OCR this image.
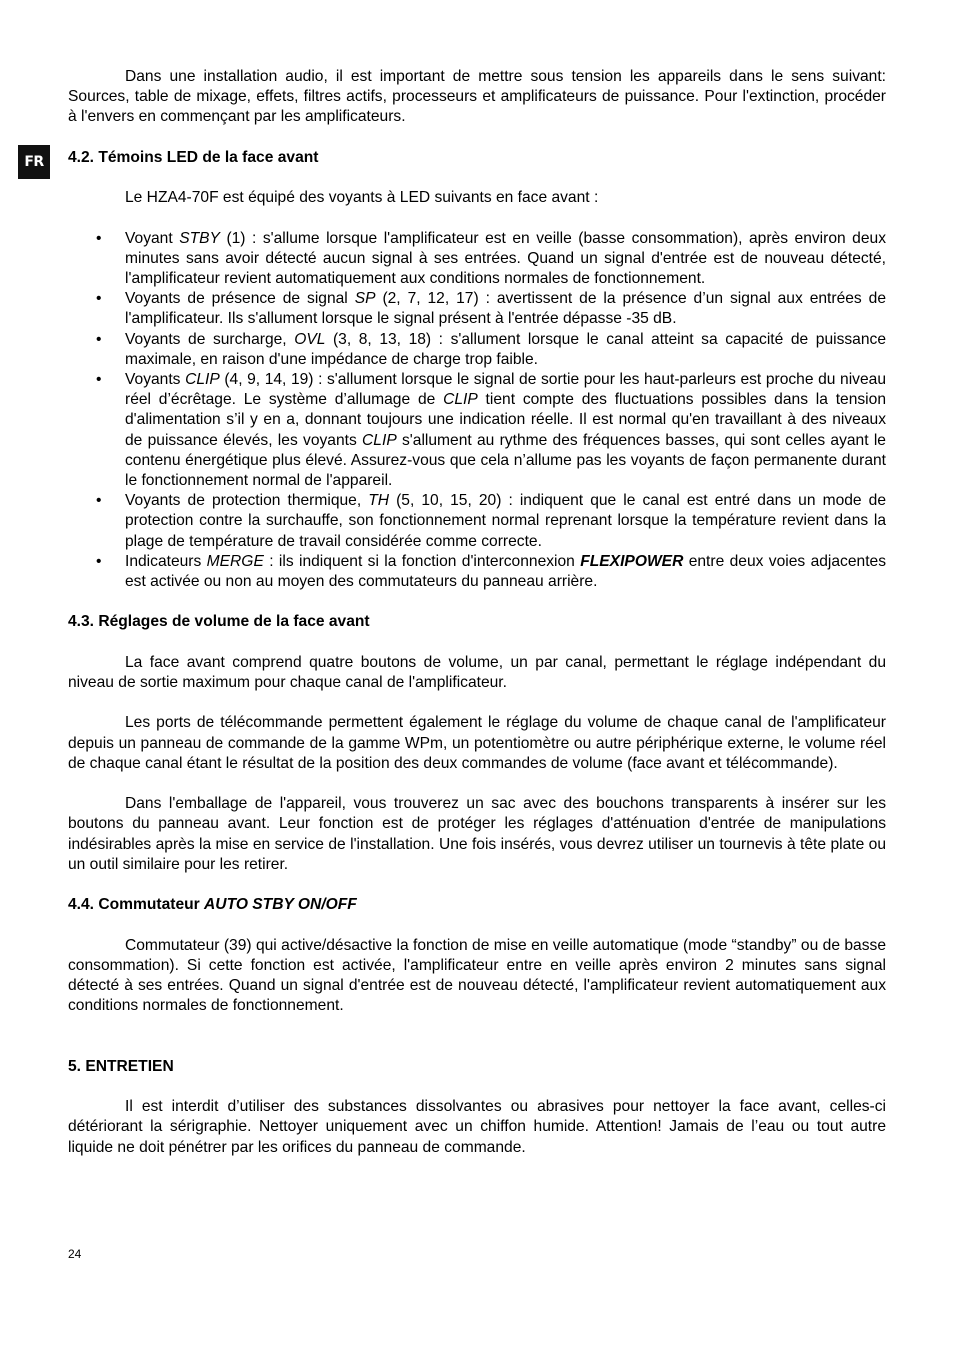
FR

Dans une installation audio, il est important de mettre sous tension les appareils dans le sens suivant: Sources, table de mixage, effets, filtres actifs, processeurs et amplificateurs de puissance. Pour l'extinction, procéder à l'envers en commençant par les amplificateurs.

4.2. Témoins LED de la face avant

Le HZA4-70F est équipé des voyants à LED suivants en face avant :

• Voyant STBY (1) : s'allume lorsque l'amplificateur est en veille (basse consommation), après environ deux minutes sans avoir détecté aucun signal à ses entrées. Quand un signal d'entrée est de nouveau détecté, l'amplificateur revient automatiquement aux conditions normales de fonctionnement.
• Voyants de présence de signal SP (2, 7, 12, 17) : avertissent de la présence d’un signal aux entrées de l'amplificateur. Ils s'allument lorsque le signal présent à l'entrée dépasse -35 dB.
• Voyants de surcharge, OVL (3, 8, 13, 18) : s'allument lorsque le canal atteint sa capacité de puissance maximale, en raison d'une impédance de charge trop faible.
• Voyants CLIP (4, 9, 14, 19) : s'allument lorsque le signal de sortie pour les haut-parleurs est proche du niveau réel d’écrêtage. Le système d’allumage de CLIP tient compte des fluctuations possibles dans la tension d'alimentation s’il y en a, donnant toujours une indication réelle. Il est normal qu'en travaillant à des niveaux de puissance élevés, les voyants CLIP s'allument au rythme des fréquences basses, qui sont celles ayant le contenu énergétique plus élevé. Assurez-vous que cela n’allume pas les voyants de façon permanente durant le fonctionnement normal de l'appareil.
• Voyants de protection thermique, TH (5, 10, 15, 20) : indiquent que le canal est entré dans un mode de protection contre la surchauffe, son fonctionnement normal reprenant lorsque la température revient dans la plage de température de travail considérée comme correcte.
• Indicateurs MERGE : ils indiquent si la fonction d'interconnexion FLEXIPOWER entre deux voies adjacentes est activée ou non au moyen des commutateurs du panneau arrière.

4.3. Réglages de volume de la face avant

La face avant comprend quatre boutons de volume, un par canal, permettant le réglage indépendant du niveau de sortie maximum pour chaque canal de l'amplificateur.

Les ports de télécommande permettent également le réglage du volume de chaque canal de l'amplificateur depuis un panneau de commande de la gamme WPm, un potentiomètre ou autre périphérique externe, le volume réel de chaque canal étant le résultat de la position des deux commandes de volume (face avant et télécommande).

Dans l'emballage de l'appareil, vous trouverez un sac avec des bouchons transparents à insérer sur les boutons du panneau avant. Leur fonction est de protéger les réglages d'atténuation d'entrée de manipulations indésirables après la mise en service de l'installation. Une fois insérés, vous devrez utiliser un tournevis à tête plate ou un outil similaire pour les retirer.

4.4. Commutateur AUTO STBY ON/OFF

Commutateur (39) qui active/désactive la fonction de mise en veille automatique (mode “standby” ou de basse consommation). Si cette fonction est activée, l'amplificateur entre en veille après environ 2 minutes sans signal détecté à ses entrées. Quand un signal d'entrée est de nouveau détecté, l'amplificateur revient automatiquement aux conditions normales de fonctionnement.

5. ENTRETIEN

Il est interdit d’utiliser des substances dissolvantes ou abrasives pour nettoyer la face avant, celles-ci détériorant la sérigraphie. Nettoyer uniquement avec un chiffon humide. Attention! Jamais de l’eau ou tout autre liquide ne doit pénétrer par les orifices du panneau de commande.

24
